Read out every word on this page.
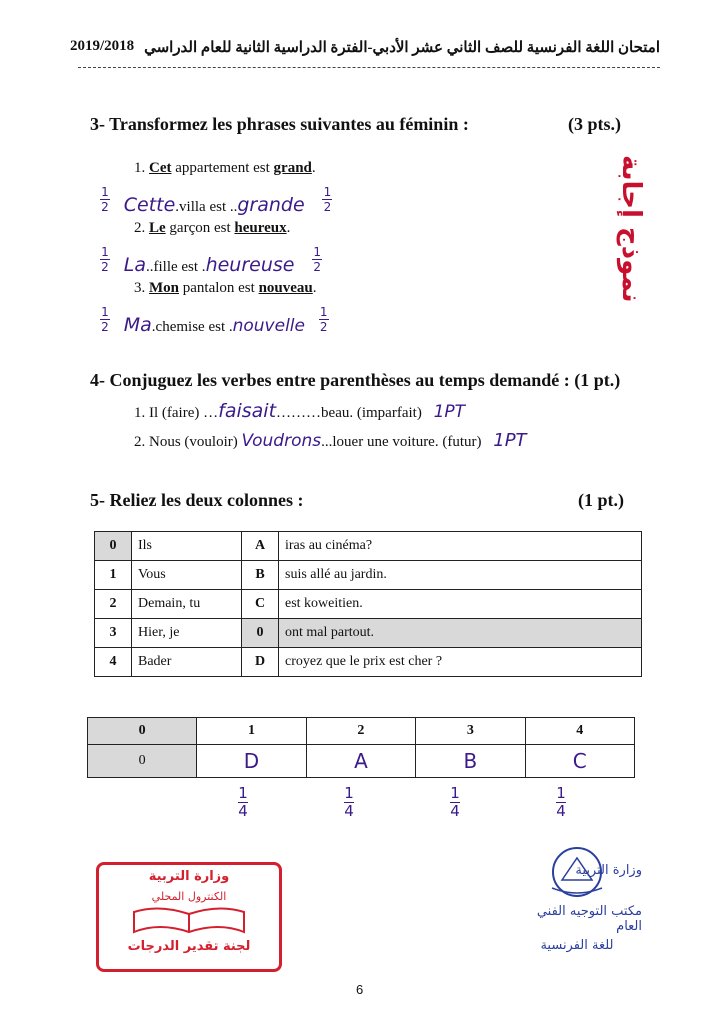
امتحان اللغة الفرنسية للصف الثاني عشر الأدبي-الفترة الدراسية الثانية للعام الدراسي
2019/2018
3- Transformez les phrases suivantes au féminin :	(3 pts.)
1. Cet appartement est grand.
$\frac{1}{2}$ Cette.villa est ..grande $\frac{1}{2}$
2. Le garçon est heureux.
$\frac{1}{2}$ La..fille est .heureuse $\frac{1}{2}$
3. Mon pantalon est nouveau.
$\frac{1}{2}$ Ma.chemise est .nouvelle $\frac{1}{2}$
نموذج إجابة
4- Conjuguez les verbes entre parenthèses au temps demandé : (1 pt.)
1. Il (faire) …faisait………beau. (imparfait) 1PT
2. Nous (vouloir) Voudrons...louer une voiture. (futur) 1PT
5- Reliez les deux colonnes :	(1 pt.)
0	Ils	A	iras au cinéma?
1	Vous	B	suis allé au jardin.
2	Demain, tu	C	est koweitien.
3	Hier, je	0	ont mal partout.
4	Bader	D	croyez que le prix est cher ?
0	1	2	3	4
0	D	A	B	C
1
4
1
4
1
4
1
4
وزارة التربية
الكنترول المحلي
لجنة تقدير الدرجات
وزارة التربية
مكتب التوجيه الفني العام
للغة الفرنسية
6
